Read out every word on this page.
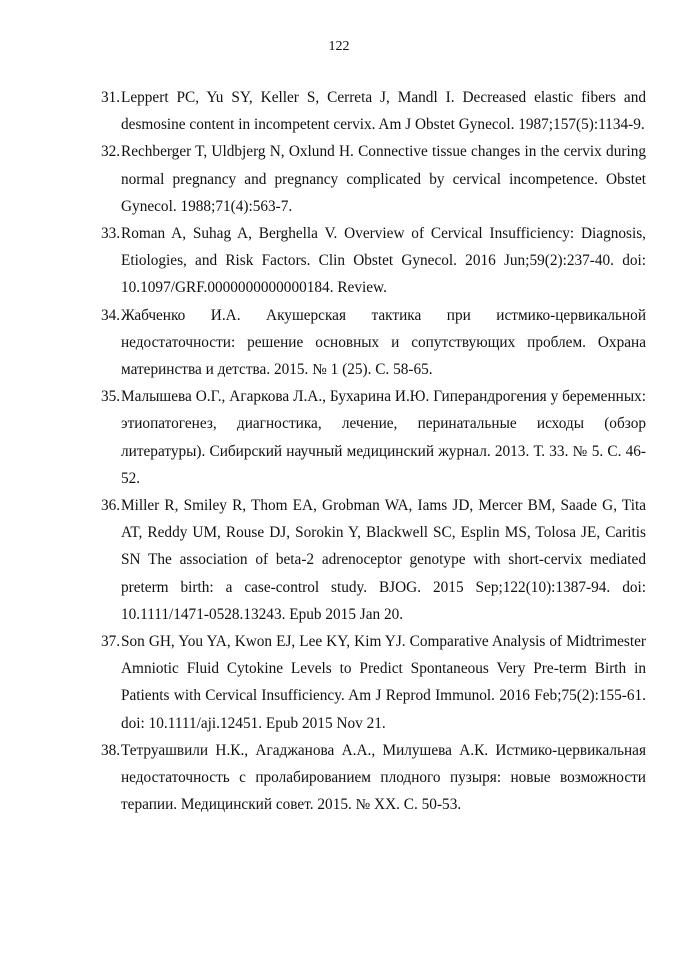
122
31. Leppert PC, Yu SY, Keller S, Cerreta J, Mandl I. Decreased elastic fibers and desmosine content in incompetent cervix. Am J Obstet Gynecol. 1987;157(5):1134-9.

32. Rechberger T, Uldbjerg N, Oxlund H. Connective tissue changes in the cervix during normal pregnancy and pregnancy complicated by cervical incompetence. Obstet Gynecol. 1988;71(4):563-7.

33. Roman A, Suhag A, Berghella V. Overview of Cervical Insufficiency: Diagnosis, Etiologies, and Risk Factors. Clin Obstet Gynecol. 2016 Jun;59(2):237-40. doi: 10.1097/GRF.0000000000000184. Review.

34. Жабченко И.А. Акушерская тактика при истмико-цервикальной недостаточности: решение основных и сопутствующих проблем. Охрана материнства и детства. 2015. № 1 (25). С. 58-65.

35. Малышева О.Г., Агаркова Л.А., Бухарина И.Ю. Гиперандрогения у беременных: этиопатогенез, диагностика, лечение, перинатальные исходы (обзор литературы). Сибирский научный медицинский журнал. 2013. Т. 33. № 5. С. 46-52.

36. Miller R, Smiley R, Thom EA, Grobman WA, Iams JD, Mercer BM, Saade G, Tita AT, Reddy UM, Rouse DJ, Sorokin Y, Blackwell SC, Esplin MS, Tolosa JE, Caritis SN The association of beta-2 adrenoceptor genotype with short-cervix mediated preterm birth: a case-control study. BJOG. 2015 Sep;122(10):1387-94. doi: 10.1111/1471-0528.13243. Epub 2015 Jan 20.

37. Son GH, You YA, Kwon EJ, Lee KY, Kim YJ. Comparative Analysis of Midtrimester Amniotic Fluid Cytokine Levels to Predict Spontaneous Very Pre-term Birth in Patients with Cervical Insufficiency. Am J Reprod Immunol. 2016 Feb;75(2):155-61. doi: 10.1111/aji.12451. Epub 2015 Nov 21.

38. Тетруашвили Н.К., Агаджанова А.А., Милушева А.К. Истмико-цервикальная недостаточность с пролабированием плодного пузыря: новые возможности терапии. Медицинский совет. 2015. № XX. С. 50-53.
